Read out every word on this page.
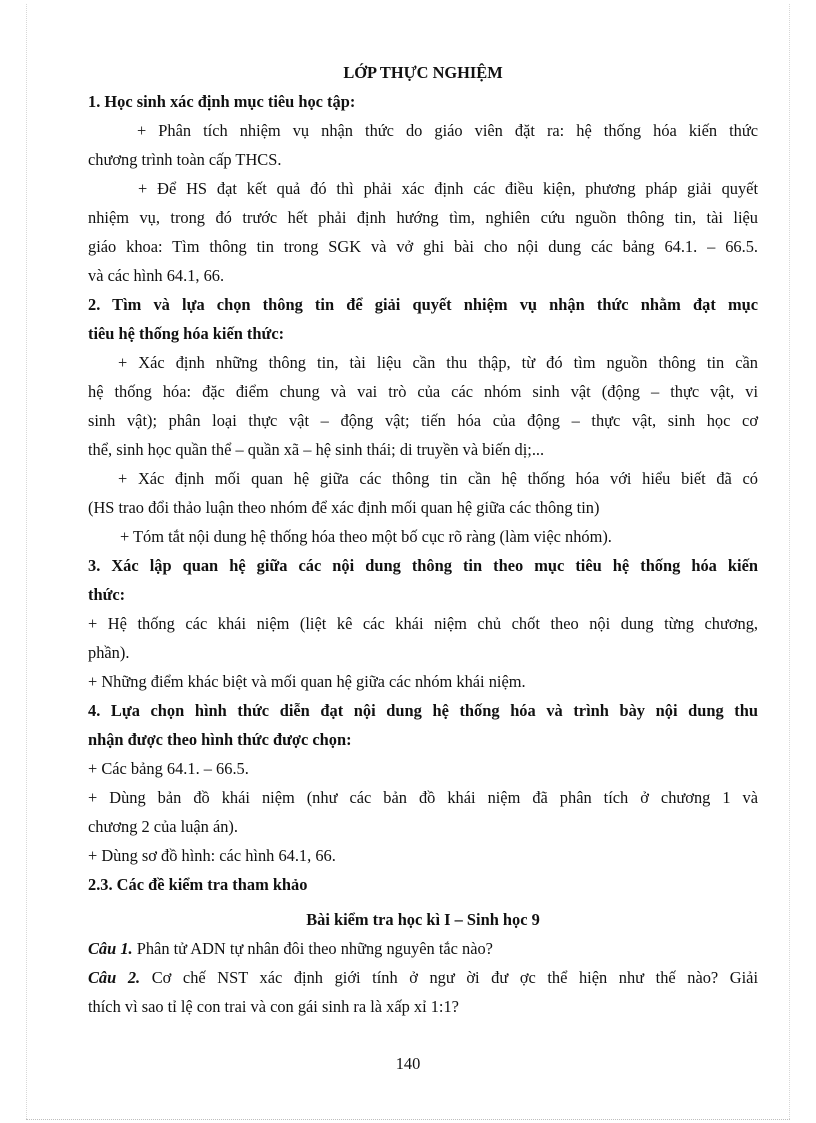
LỚP THỰC NGHIỆM
1. Học sinh xác định mục tiêu học tập:
+ Phân tích nhiệm vụ nhận thức do giáo viên đặt ra: hệ thống hóa kiến thức
chương trình toàn cấp THCS.
+ Để HS đạt kết quả đó thì phải xác định các điều kiện, phương pháp giải quyết
nhiệm vụ, trong đó trước hết phải định hướng tìm, nghiên cứu nguồn thông tin, tài liệu
giáo khoa: Tìm thông tin trong SGK và vở ghi bài cho nội dung các bảng 64.1. – 66.5.
và các hình 64.1, 66.
2. Tìm và lựa chọn thông tin để giải quyết nhiệm vụ nhận thức nhằm đạt mục
tiêu hệ thống hóa kiến thức:
+ Xác định những thông tin, tài liệu cần thu thập, từ đó tìm nguồn thông tin cần
hệ thống hóa: đặc điểm chung và vai trò của các nhóm sinh vật (động – thực vật, vi
sinh vật); phân loại thực vật – động vật; tiến hóa của động – thực vật, sinh học cơ
thể, sinh học quần thể – quần xã – hệ sinh thái; di truyền và biến dị;...
+ Xác định mối quan hệ giữa các thông tin cần hệ thống hóa với hiểu biết đã có
(HS trao đổi thảo luận theo nhóm để xác định mối quan hệ giữa các thông tin)
+ Tóm tắt nội dung hệ thống hóa theo một bố cục rõ ràng (làm việc nhóm).
3. Xác lập quan hệ giữa các nội dung thông tin theo mục tiêu hệ thống hóa kiến
thức:
+ Hệ thống các khái niệm (liệt kê các khái niệm chủ chốt theo nội dung từng chương,
phần).
+ Những điểm khác biệt và mối quan hệ giữa các nhóm khái niệm.
4. Lựa chọn hình thức diễn đạt nội dung hệ thống hóa và trình bày nội dung thu
nhận được theo hình thức được chọn:
+ Các bảng 64.1. – 66.5.
+ Dùng bản đồ khái niệm (như các bản đồ khái niệm đã phân tích ở chương 1 và
chương 2 của luận án).
+ Dùng sơ đồ hình: các hình 64.1, 66.
2.3. Các đề kiểm tra tham khảo
Bài kiểm tra học kì I – Sinh học 9
Câu 1. Phân tử ADN tự nhân đôi theo những nguyên tắc nào?
Câu 2. Cơ chế NST xác định giới tính ở ngư ời đư ợc thể hiện như thế nào? Giải
thích vì sao tỉ lệ con trai và con gái sinh ra là xấp xỉ 1:1?
140
